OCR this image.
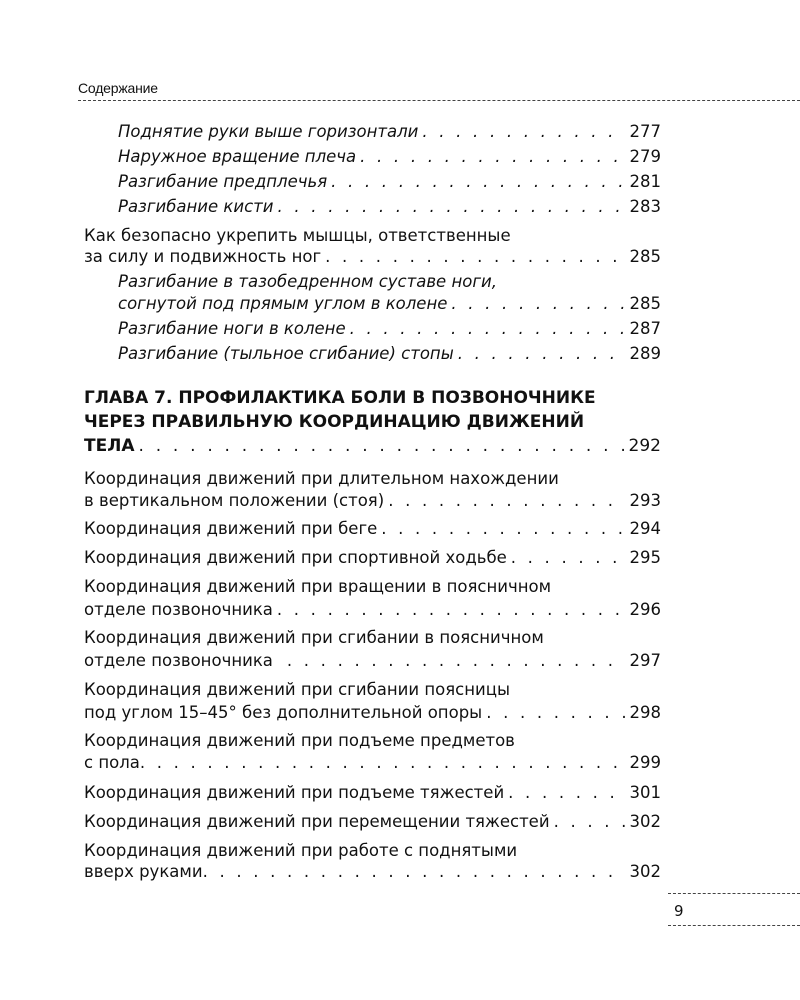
Содержание
Поднятие руки выше горизонтали . . .	277
Наружное вращение плеча . . .	279
Разгибание предплечья . . .	281
Разгибание кисти . . .	283
Как безопасно укрепить мышцы, ответственные
за силу и подвижность ног . . .	285
Разгибание в тазобедренном суставе ноги,
согнутой под прямым углом в колене . . .	285
Разгибание ноги в колене . . .	287
Разгибание (тыльное сгибание) стопы . . .	289
ГЛАВА 7. ПРОФИЛАКТИКА БОЛИ В ПОЗВОНОЧНИКЕ
ЧЕРЕЗ ПРАВИЛЬНУЮ КООРДИНАЦИЮ ДВИЖЕНИЙ
ТЕЛА . . .	292
Координация движений при длительном нахождении
в вертикальном положении (стоя) . . .	293
Координация движений при беге . . .	294
Координация движений при спортивной ходьбе . . .	295
Координация движений при вращении в поясничном
отделе позвоночника . . .	296
Координация движений при сгибании в поясничном
отделе позвоночника . . .	297
Координация движений при сгибании поясницы
под углом 15–45° без дополнительной опоры . . .	298
Координация движений при подъеме предметов
с пола . . .	299
Координация движений при подъеме тяжестей . . .	301
Координация движений при перемещении тяжестей . . .	302
Координация движений при работе с поднятыми
вверх руками . . .	302
9
